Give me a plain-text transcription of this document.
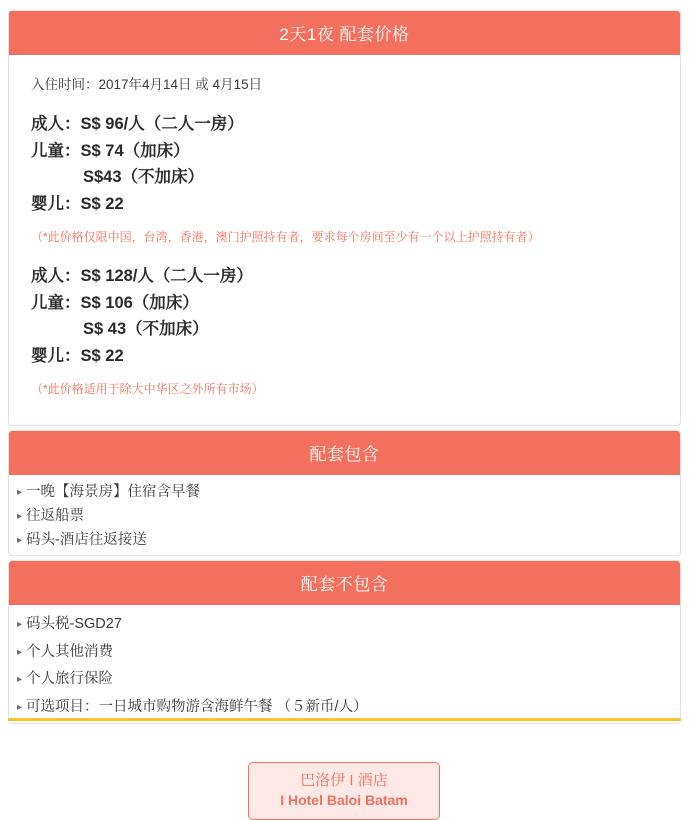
2天1夜 配套价格
入住时间：2017年4月14日 或 4月15日
成人：S$ 96/人（二人一房）
儿童：S$ 74（加床）
S$43（不加床）
婴儿：S$ 22
（*此价格仅限中国，台湾，香港，澳门护照持有者，要求每个房间至少有一个以上护照持有者）
成人：S$ 128/人（二人一房）
儿童：S$ 106（加床）
S$ 43（不加床）
婴儿：S$ 22
（*此价格适用于除大中华区之外所有市场）
配套包含
▸ 一晚【海景房】住宿含早餐
▸ 往返船票
▸ 码头-酒店往返接送
配套不包含
▸ 码头税-SGD27
▸ 个人其他消费
▸ 个人旅行保险
▸ 可选项目：一日城市购物游含海鲜午餐 （５新币/人）
巴洛伊 I 酒店
I Hotel Baloi Batam
